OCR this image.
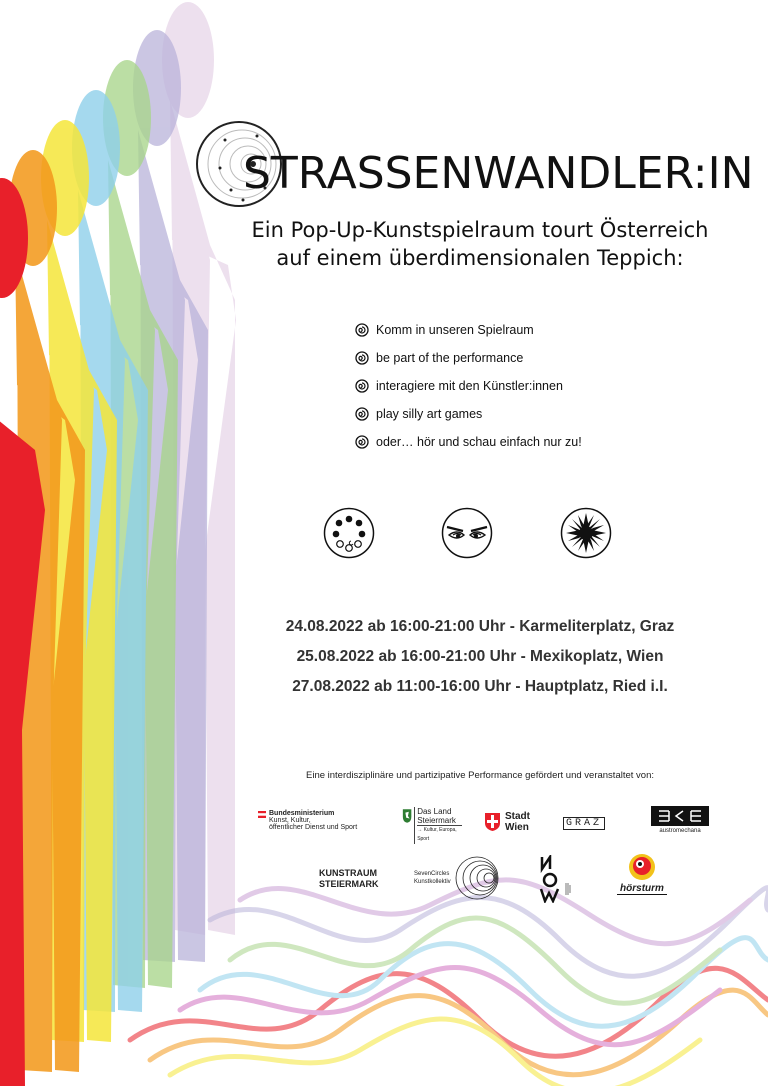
STRASSENWANDLER:IN
Ein Pop-Up-Kunstspielraum tourt Österreich
auf einem überdimensionalen Teppich:
Komm in unseren Spielraum
be part of the performance
interagiere mit den Künstler:innen
play silly art games
oder… hör und schau einfach nur zu!
24.08.2022 ab 16:00-21:00 Uhr - Karmeliterplatz, Graz
25.08.2022 ab 16:00-21:00 Uhr - Mexikoplatz, Wien
27.08.2022 ab 11:00-16:00 Uhr - Hauptplatz, Ried i.I.
Eine interdisziplinäre und partizipative Performance gefördert und veranstaltet von:
Bundesministerium
Kunst, Kultur,
öffentlicher Dienst und Sport
Das Land
Steiermark
→ Kultur, Europa, Sport
Stadt
Wien	GRAZ
austromechana
KUNSTRAUM
STEIERMARK
SevenCircles
Kunstkollektiv
hörsturm
